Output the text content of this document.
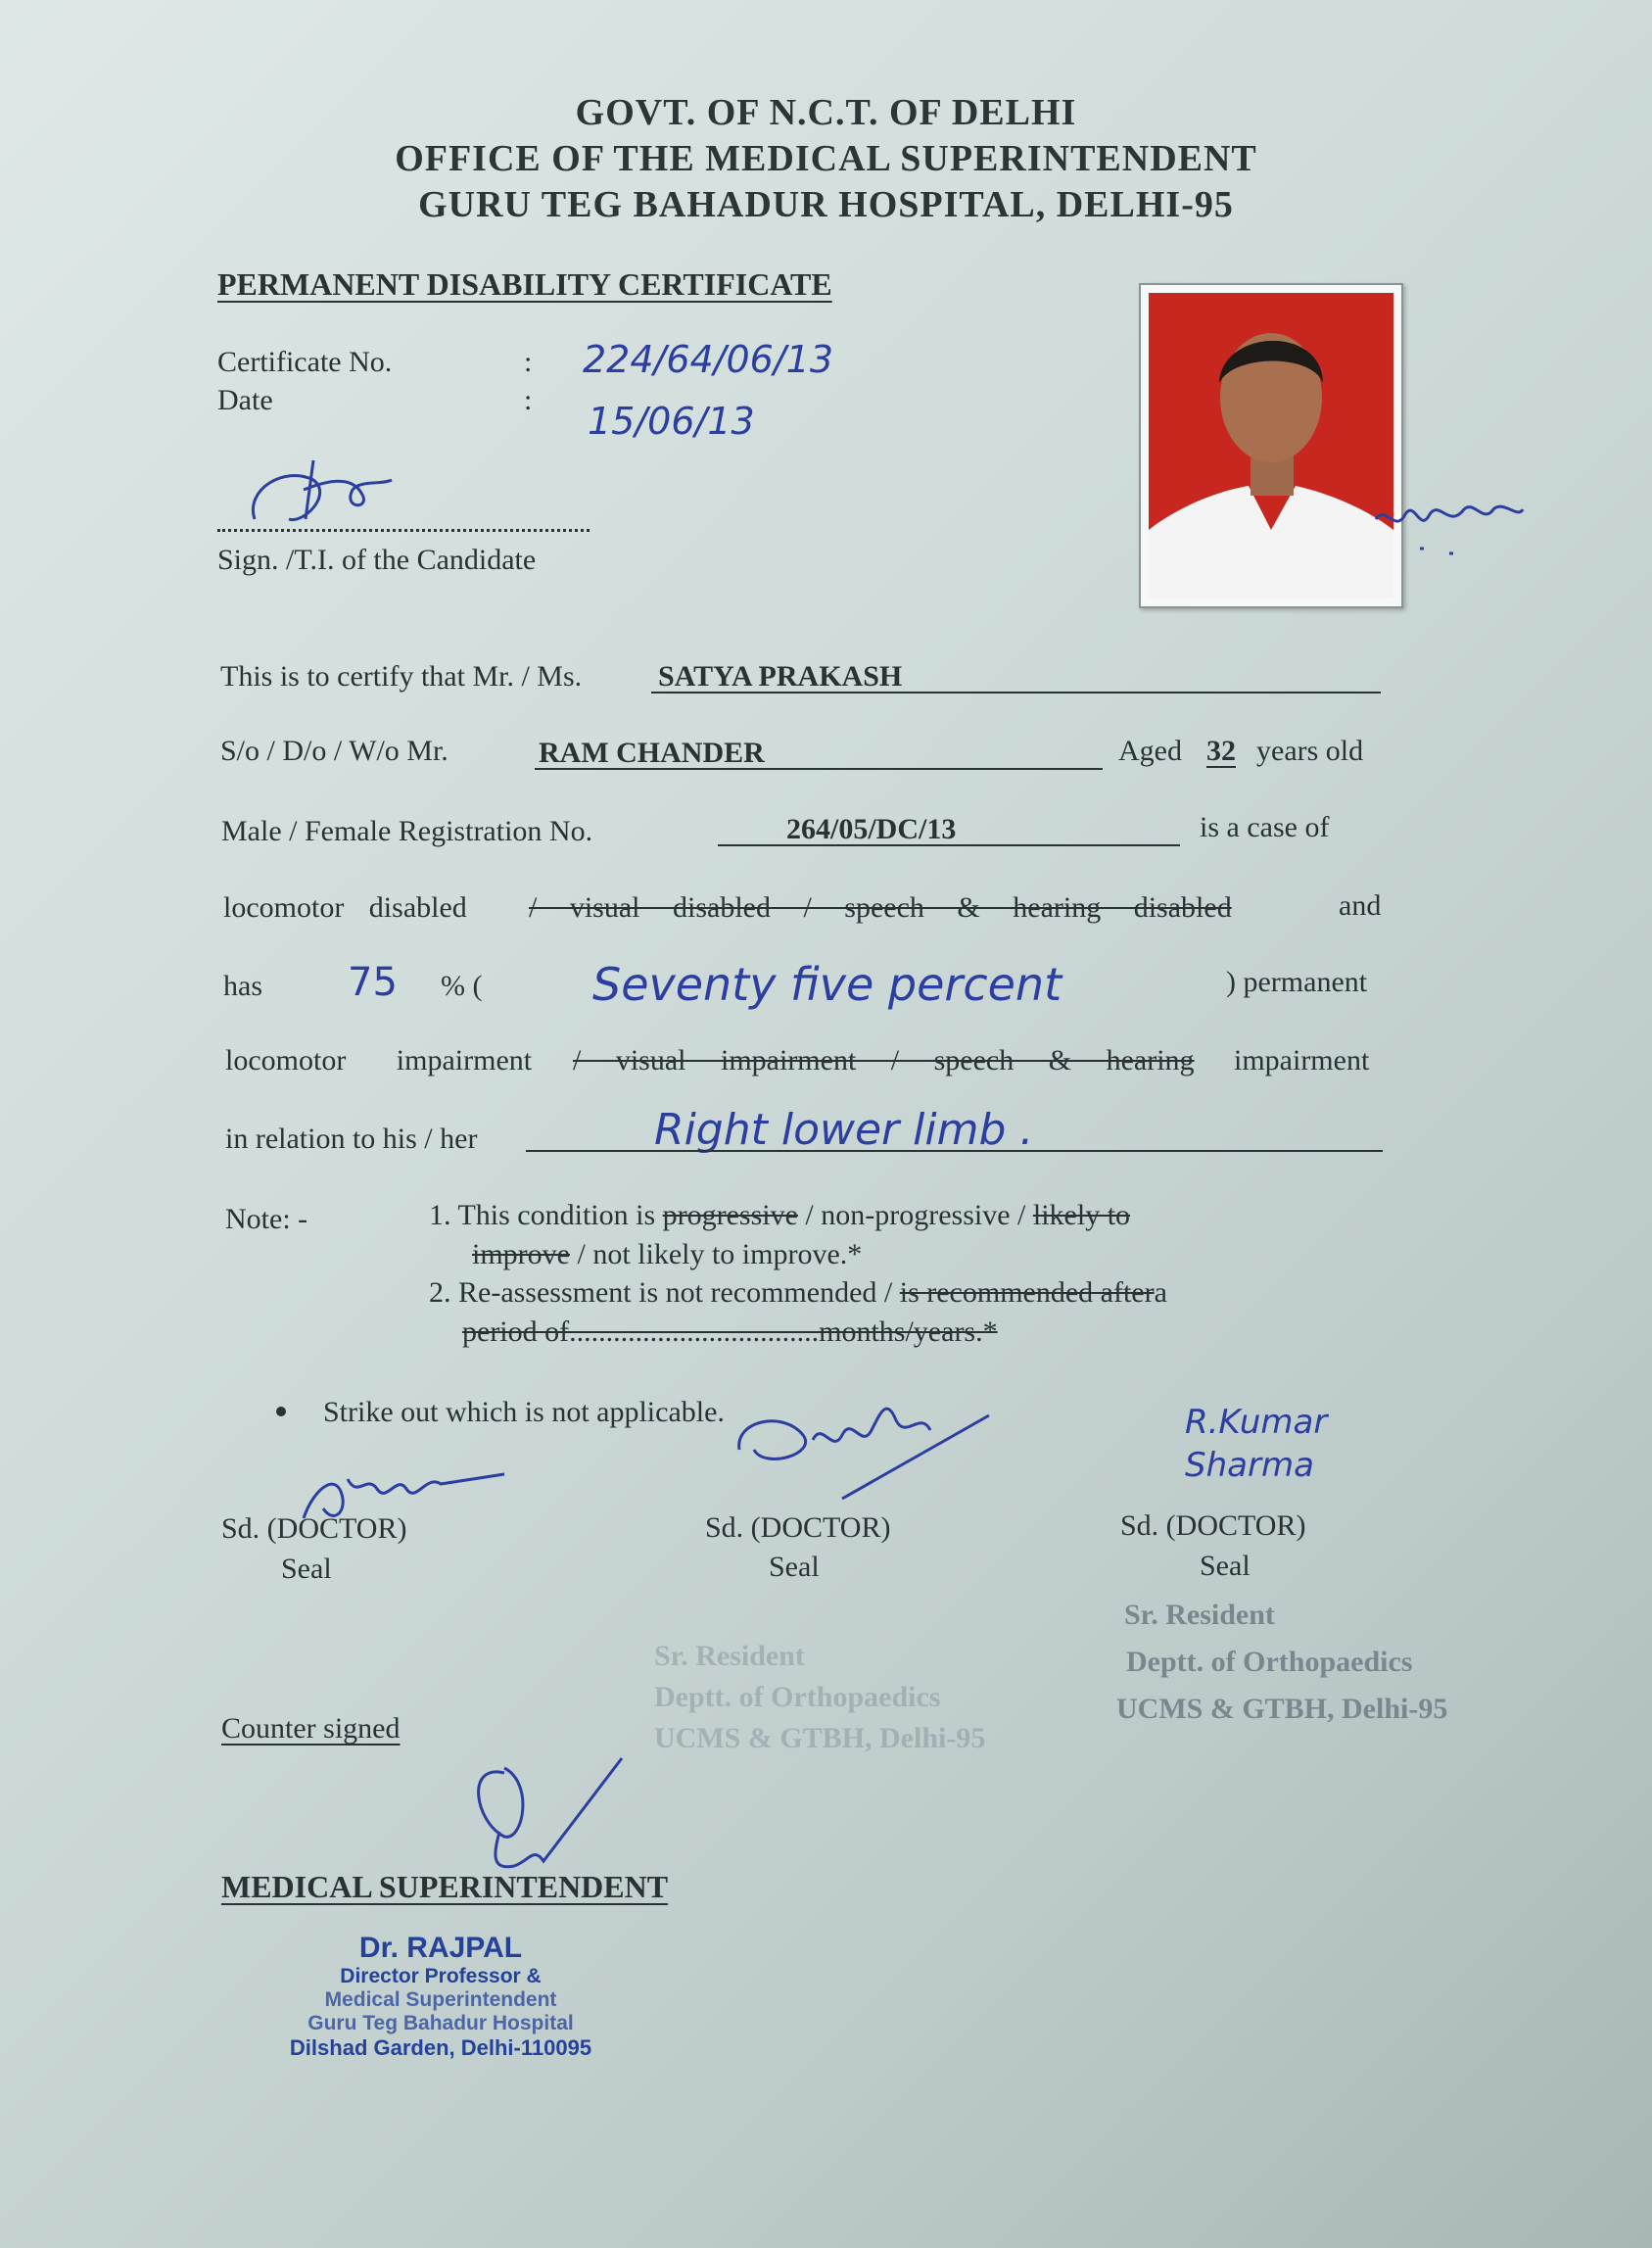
GOVT. OF N.C.T. OF DELHI
OFFICE OF THE MEDICAL SUPERINTENDENT
GURU TEG BAHADUR HOSPITAL, DELHI-95
PERMANENT DISABILITY CERTIFICATE
Certificate No.	: 224/64/06/13
Date	: 15/06/13
Sign. /T.I. of the Candidate
This is to certify that Mr. / Ms.	SATYA PRAKASH
S/o / D/o / W/o Mr.	RAM CHANDER	Aged 32 years old
Male / Female Registration No.	264/05/DC/13	is a case of
locomotor disabled / visual disabled / speech & hearing disabled	and
has 75 % ( Seventy five percent	) permanent
locomotor impairment / visual impairment / speech & hearing impairment
in relation to his / her	Right lower limb .
Note: -	1. This condition is progressive / non-progressive / likely to
improve / not likely to improve.*
2. Re-assessment is not recommended / is recommended aftera
period of..................................months/years.*
Strike out which is not applicable.	R.Kumar Sharma
Sd. (DOCTOR)
Seal
Sd. (DOCTOR)
Seal
Sd. (DOCTOR)
Seal
Sr. Resident
Deptt. of Orthopaedics
UCMS & GTBH, Delhi-95
Sr. Resident
Deptt. of Orthopaedics
UCMS & GTBH, Delhi-95
Counter signed
MEDICAL SUPERINTENDENT
Dr. RAJPAL
Director Professor &
Medical Superintendent
Guru Teg Bahadur Hospital
Dilshad Garden, Delhi-110095
